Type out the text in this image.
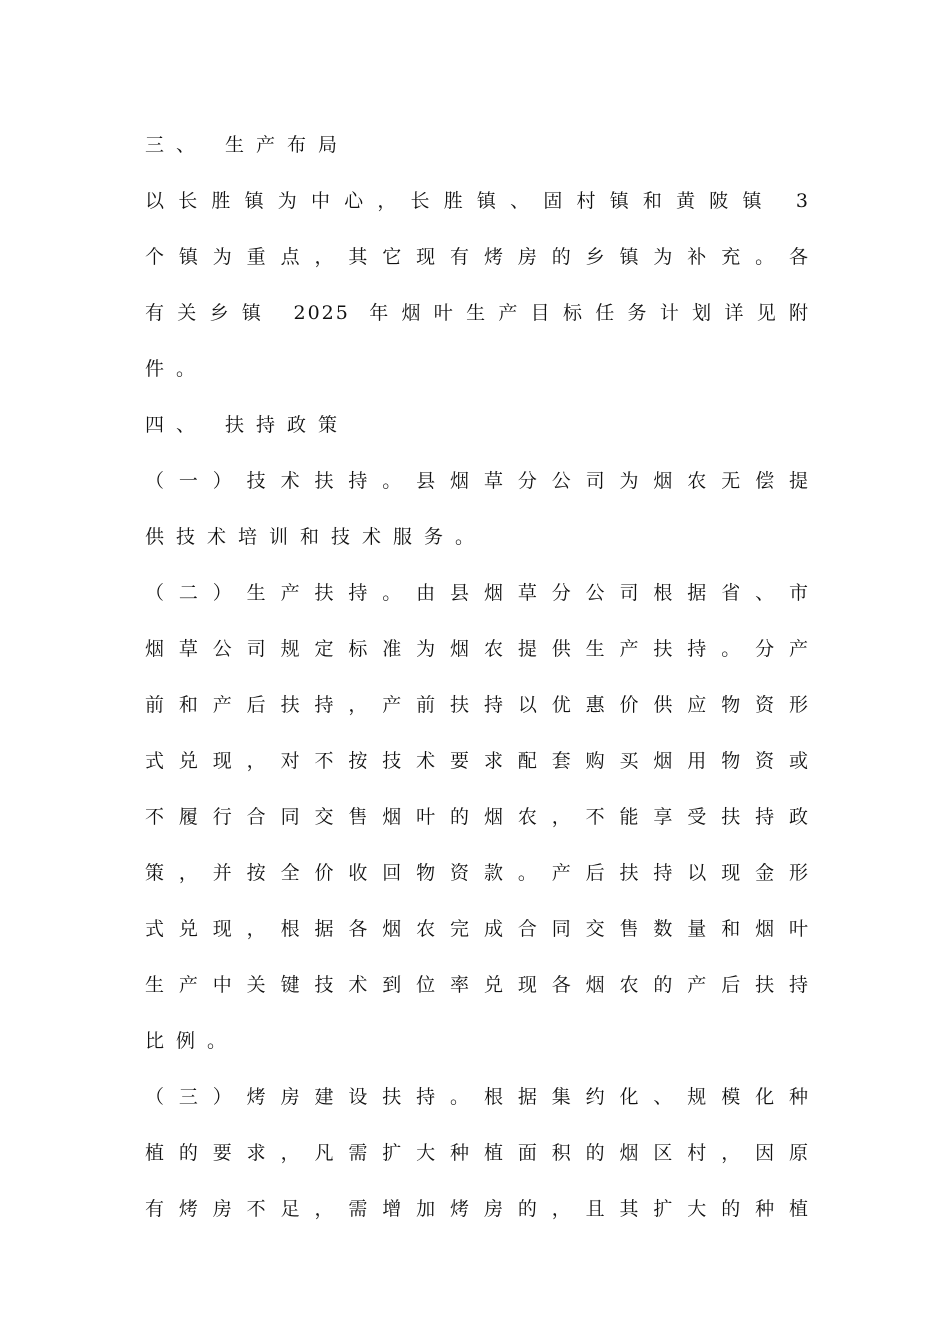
三、 生产布局
以长胜镇为中心，长胜镇、固村镇和黄陂镇 3
个镇为重点，其它现有烤房的乡镇为补充。各
有关乡镇 2025 年烟叶生产目标任务计划详见附
件。
四、 扶持政策
（一）技术扶持。县烟草分公司为烟农无偿提
供技术培训和技术服务。
（二）生产扶持。由县烟草分公司根据省、市
烟草公司规定标准为烟农提供生产扶持。分产
前和产后扶持，产前扶持以优惠价供应物资形
式兑现，对不按技术要求配套购买烟用物资或
不履行合同交售烟叶的烟农，不能享受扶持政
策，并按全价收回物资款。产后扶持以现金形
式兑现，根据各烟农完成合同交售数量和烟叶
生产中关键技术到位率兑现各烟农的产后扶持
比例。
（三）烤房建设扶持。根据集约化、规模化种
植的要求，凡需扩大种植面积的烟区村，因原
有烤房不足，需增加烤房的，且其扩大的种植
